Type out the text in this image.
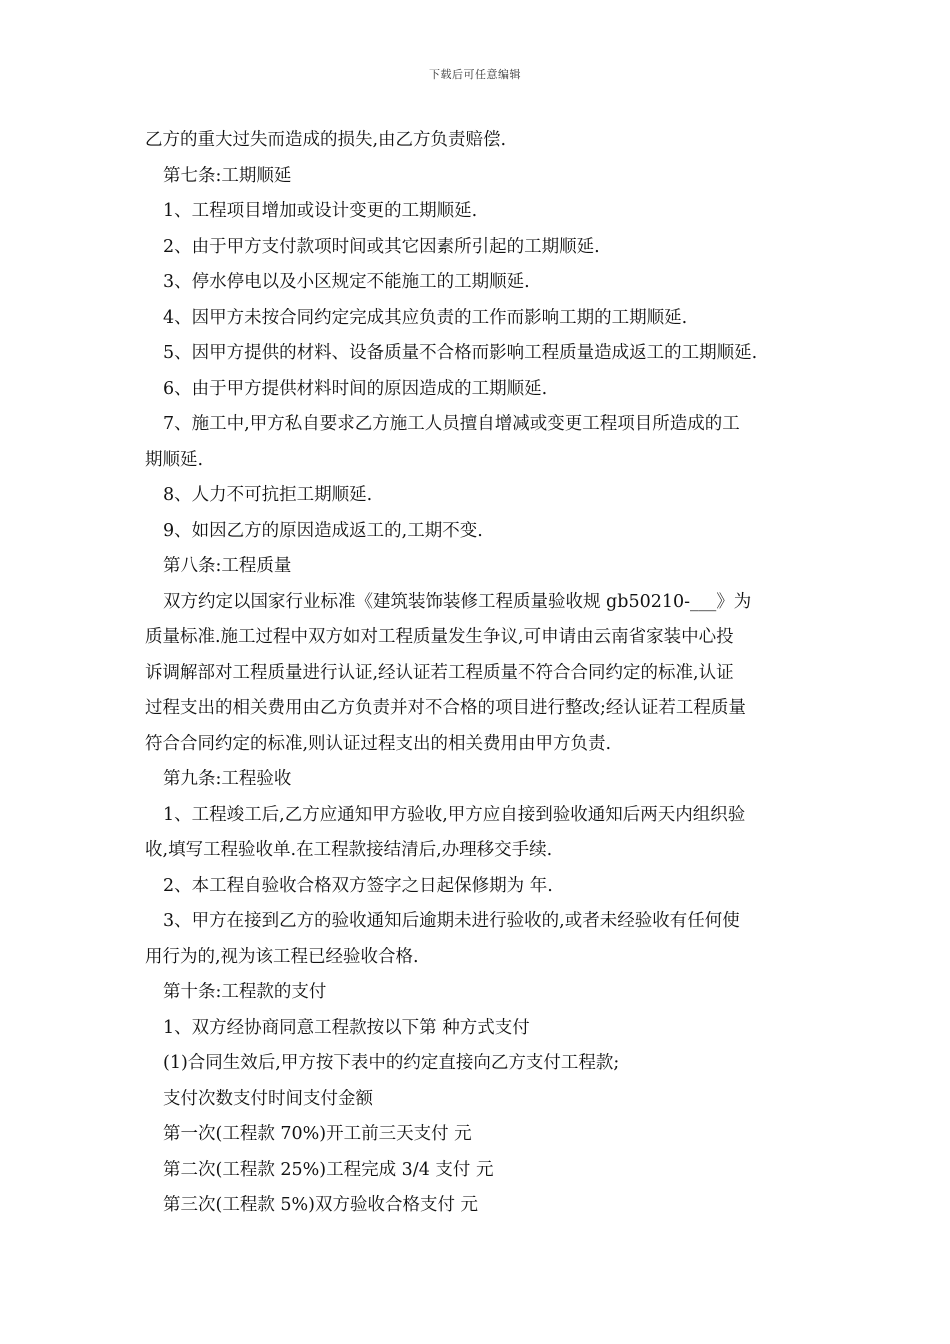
下载后可任意编辑
乙方的重大过失而造成的损失,由乙方负责赔偿.
第七条:工期顺延
1、工程项目增加或设计变更的工期顺延.
2、由于甲方支付款项时间或其它因素所引起的工期顺延.
3、停水停电以及小区规定不能施工的工期顺延.
4、因甲方未按合同约定完成其应负责的工作而影响工期的工期顺延.
5、因甲方提供的材料、设备质量不合格而影响工程质量造成返工的工期顺延.
6、由于甲方提供材料时间的原因造成的工期顺延.
7、施工中,甲方私自要求乙方施工人员擅自增减或变更工程项目所造成的工
期顺延.
8、人力不可抗拒工期顺延.
9、如因乙方的原因造成返工的,工期不变.
第八条:工程质量
双方约定以国家行业标准《建筑装饰装修工程质量验收规 gb50210-___》为
质量标准.施工过程中双方如对工程质量发生争议,可申请由云南省家装中心投
诉调解部对工程质量进行认证,经认证若工程质量不符合合同约定的标准,认证
过程支出的相关费用由乙方负责并对不合格的项目进行整改;经认证若工程质量
符合合同约定的标准,则认证过程支出的相关费用由甲方负责.
第九条:工程验收
1、工程竣工后,乙方应通知甲方验收,甲方应自接到验收通知后两天内组织验
收,填写工程验收单.在工程款接结清后,办理移交手续.
2、本工程自验收合格双方签字之日起保修期为 年.
3、甲方在接到乙方的验收通知后逾期未进行验收的,或者未经验收有任何使
用行为的,视为该工程已经验收合格.
第十条:工程款的支付
1、双方经协商同意工程款按以下第 种方式支付
(1)合同生效后,甲方按下表中的约定直接向乙方支付工程款;
支付次数支付时间支付金额
第一次(工程款 70%)开工前三天支付 元
第二次(工程款 25%)工程完成 3/4 支付 元
第三次(工程款 5%)双方验收合格支付 元
